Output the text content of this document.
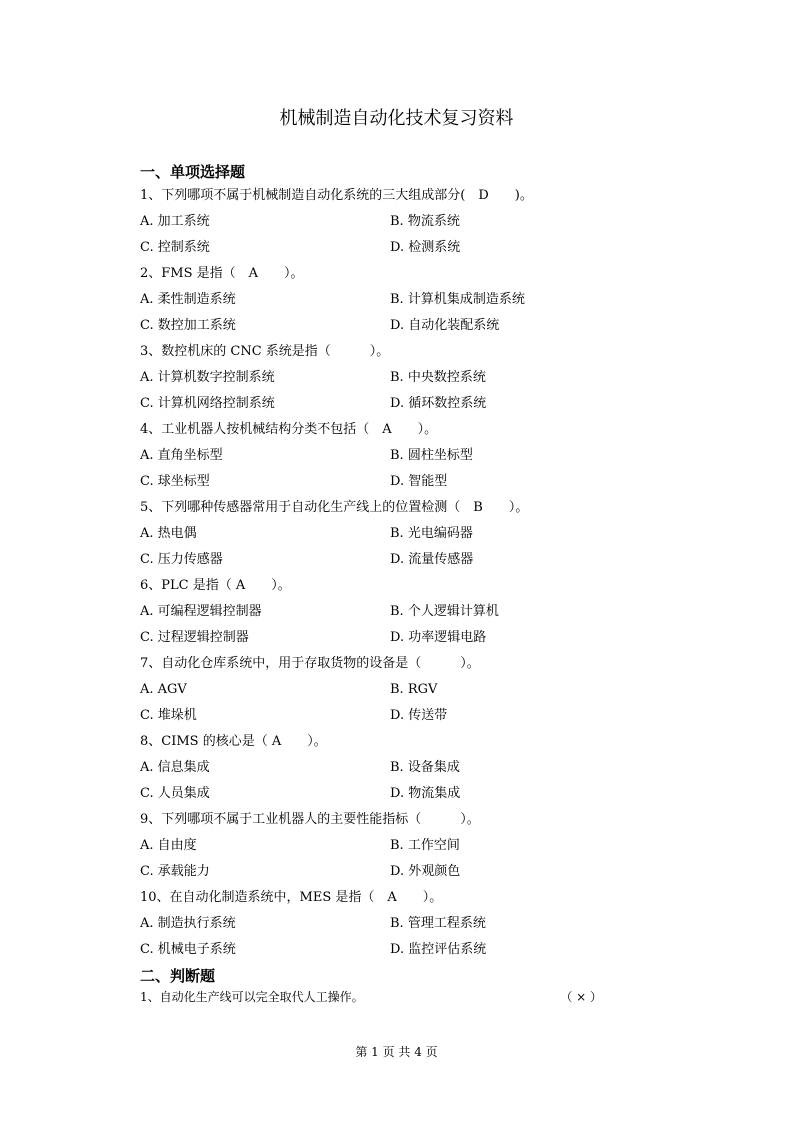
机械制造自动化技术复习资料
一、单项选择题
1、下列哪项不属于机械制造自动化系统的三大组成部分(　D　　)。
A. 加工系统	B. 物流系统
C. 控制系统	D. 检测系统
2、FMS 是指（　A　　）。
A. 柔性制造系统	B. 计算机集成制造系统
C. 数控加工系统	D. 自动化装配系统
3、数控机床的 CNC 系统是指（　　　）。
A. 计算机数字控制系统	B. 中央数控系统
C. 计算机网络控制系统	D. 循环数控系统
4、工业机器人按机械结构分类不包括（　A　　）。
A. 直角坐标型	B. 圆柱坐标型
C. 球坐标型	D. 智能型
5、下列哪种传感器常用于自动化生产线上的位置检测（　B　　）。
A. 热电偶	B. 光电编码器
C. 压力传感器	D. 流量传感器
6、PLC 是指（ A　　）。
A. 可编程逻辑控制器	B. 个人逻辑计算机
C. 过程逻辑控制器	D. 功率逻辑电路
7、自动化仓库系统中，用于存取货物的设备是（　　　）。
A. AGV	B. RGV
C. 堆垛机	D. 传送带
8、CIMS 的核心是（ A　　）。
A. 信息集成	B. 设备集成
C. 人员集成	D. 物流集成
9、下列哪项不属于工业机器人的主要性能指标（　　　）。
A. 自由度	B. 工作空间
C. 承载能力	D. 外观颜色
10、在自动化制造系统中，MES 是指（　A　　）。
A. 制造执行系统	B. 管理工程系统
C. 机械电子系统	D. 监控评估系统
二、判断题
1、自动化生产线可以完全取代人工操作。	（ × ）
第 1 页 共 4 页
